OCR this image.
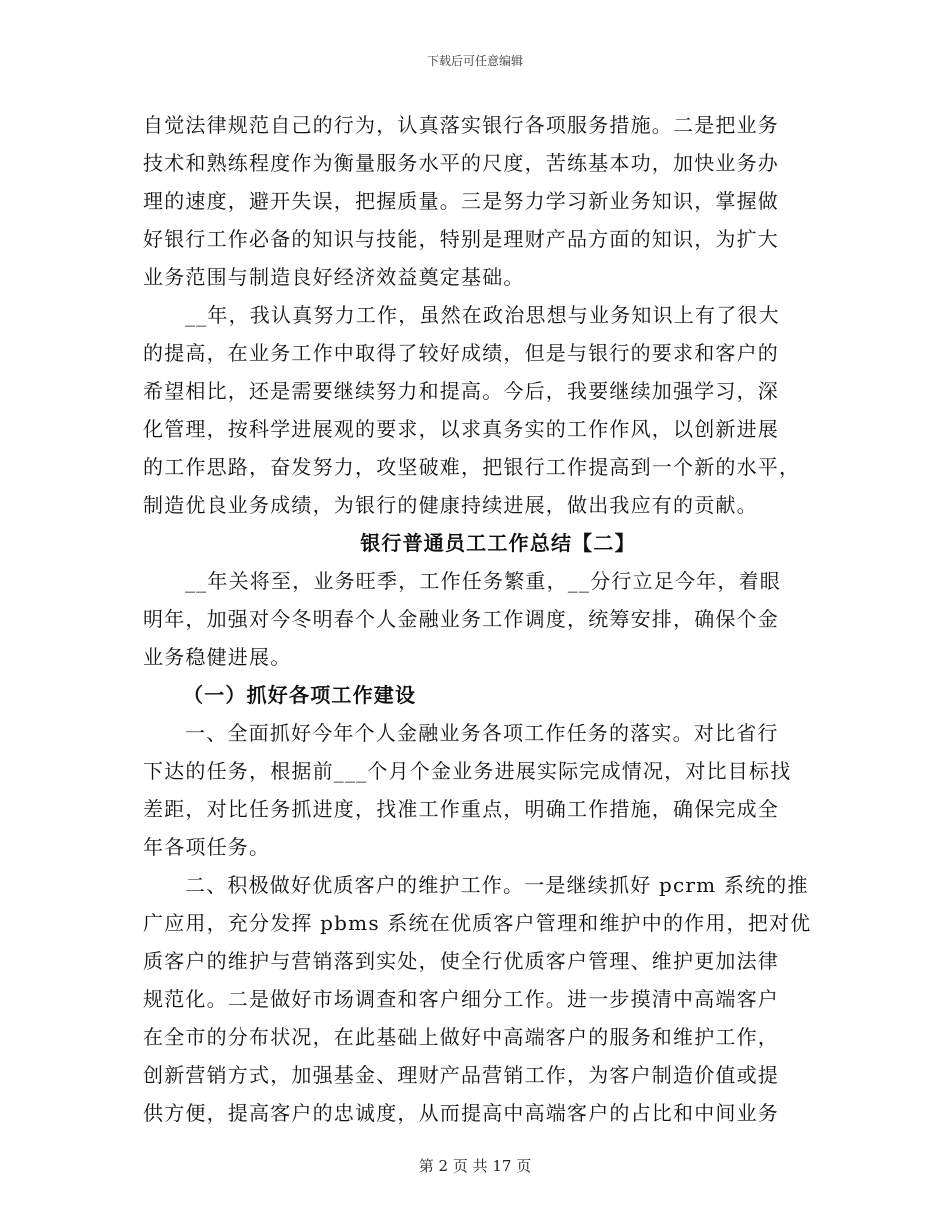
下载后可任意编辑
自觉法律规范自己的行为，认真落实银行各项服务措施。二是把业务
技术和熟练程度作为衡量服务水平的尺度，苦练基本功，加快业务办
理的速度，避开失误，把握质量。三是努力学习新业务知识，掌握做
好银行工作必备的知识与技能，特别是理财产品方面的知识，为扩大
业务范围与制造良好经济效益奠定基础。
__年，我认真努力工作，虽然在政治思想与业务知识上有了很大
的提高，在业务工作中取得了较好成绩，但是与银行的要求和客户的
希望相比，还是需要继续努力和提高。今后，我要继续加强学习，深
化管理，按科学进展观的要求，以求真务实的工作作风，以创新进展
的工作思路，奋发努力，攻坚破难，把银行工作提高到一个新的水平，
制造优良业务成绩，为银行的健康持续进展，做出我应有的贡献。
银行普通员工工作总结【二】
__年关将至，业务旺季，工作任务繁重，__分行立足今年，着眼
明年，加强对今冬明春个人金融业务工作调度，统筹安排，确保个金
业务稳健进展。
（一）抓好各项工作建设
一、全面抓好今年个人金融业务各项工作任务的落实。对比省行
下达的任务，根据前___个月个金业务进展实际完成情况，对比目标找
差距，对比任务抓进度，找准工作重点，明确工作措施，确保完成全
年各项任务。
二、积极做好优质客户的维护工作。一是继续抓好 pcrm 系统的推
广应用，充分发挥 pbms 系统在优质客户管理和维护中的作用，把对优
质客户的维护与营销落到实处，使全行优质客户管理、维护更加法律
规范化。二是做好市场调查和客户细分工作。进一步摸清中高端客户
在全市的分布状况，在此基础上做好中高端客户的服务和维护工作，
创新营销方式，加强基金、理财产品营销工作，为客户制造价值或提
供方便，提高客户的忠诚度，从而提高中高端客户的占比和中间业务
第 2 页 共 17 页
